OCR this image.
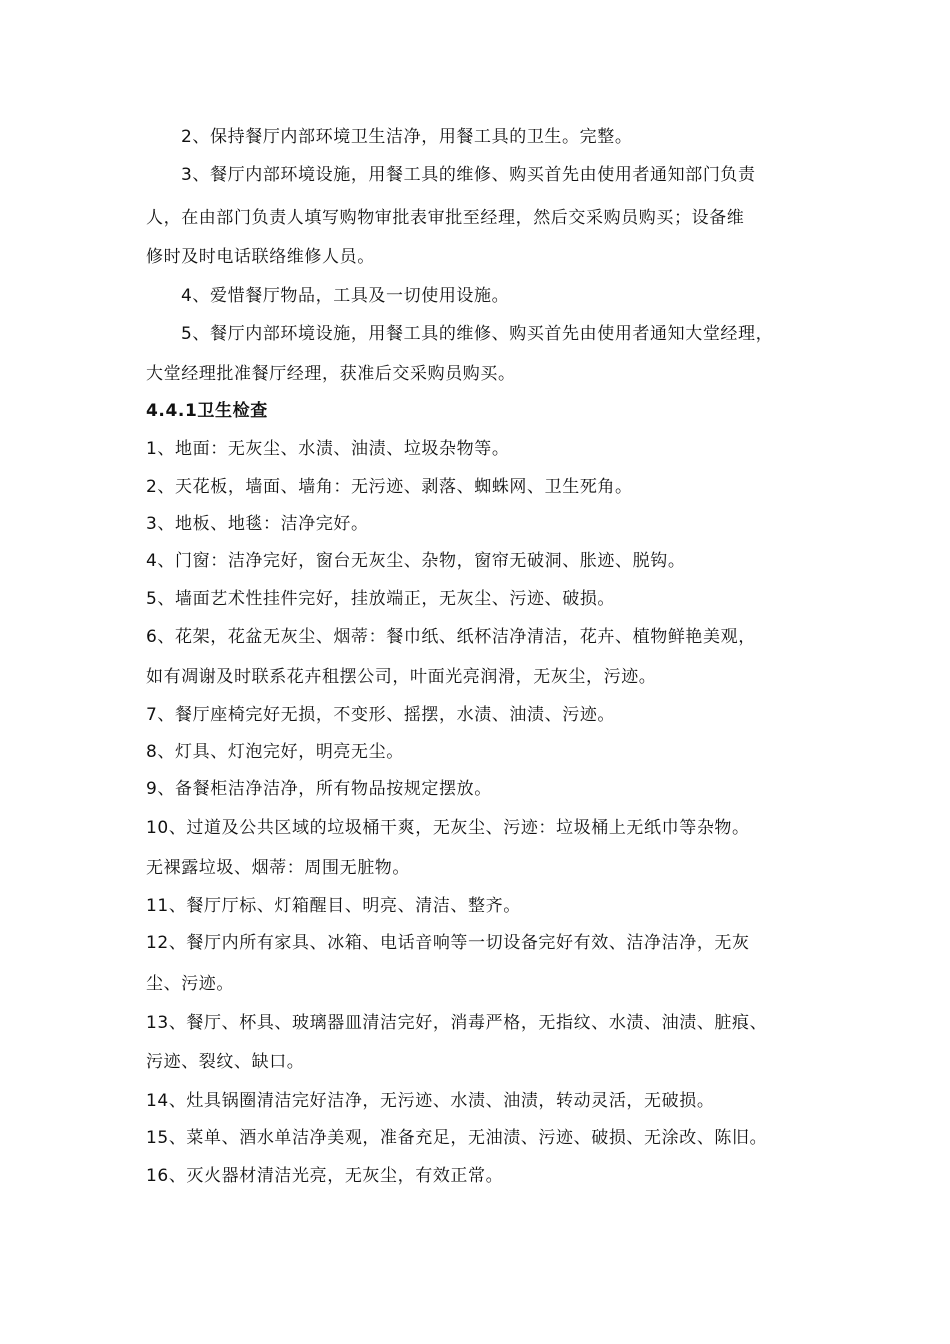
2、保持餐厅内部环境卫生洁净，用餐工具的卫生。完整。
3、餐厅内部环境设施，用餐工具的维修、购买首先由使用者通知部门负责
人，在由部门负责人填写购物审批表审批至经理，然后交采购员购买；设备维
修时及时电话联络维修人员。
4、爱惜餐厅物品，工具及一切使用设施。
5、餐厅内部环境设施，用餐工具的维修、购买首先由使用者通知大堂经理，
大堂经理批准餐厅经理，获准后交采购员购买。
4.4.1卫生检查
1、地面：无灰尘、水渍、油渍、垃圾杂物等。
2、天花板，墙面、墙角：无污迹、剥落、蜘蛛网、卫生死角。
3、地板、地毯：洁净完好。
4、门窗：洁净完好，窗台无灰尘、杂物，窗帘无破洞、胀迹、脱钩。
5、墙面艺术性挂件完好，挂放端正，无灰尘、污迹、破损。
6、花架，花盆无灰尘、烟蒂：餐巾纸、纸杯洁净清洁，花卉、植物鲜艳美观，
如有凋谢及时联系花卉租摆公司，叶面光亮润滑，无灰尘，污迹。
7、餐厅座椅完好无损，不变形、摇摆，水渍、油渍、污迹。
8、灯具、灯泡完好，明亮无尘。
9、备餐柜洁净洁净，所有物品按规定摆放。
10、过道及公共区域的垃圾桶干爽，无灰尘、污迹：垃圾桶上无纸巾等杂物。
无裸露垃圾、烟蒂：周围无脏物。
11、餐厅厅标、灯箱醒目、明亮、清洁、整齐。
12、餐厅内所有家具、冰箱、电话音响等一切设备完好有效、洁净洁净，无灰
尘、污迹。
13、餐厅、杯具、玻璃器皿清洁完好，消毒严格，无指纹、水渍、油渍、脏痕、
污迹、裂纹、缺口。
14、灶具锅圈清洁完好洁净，无污迹、水渍、油渍，转动灵活，无破损。
15、菜单、酒水单洁净美观，准备充足，无油渍、污迹、破损、无涂改、陈旧。
16、灭火器材清洁光亮，无灰尘，有效正常。
